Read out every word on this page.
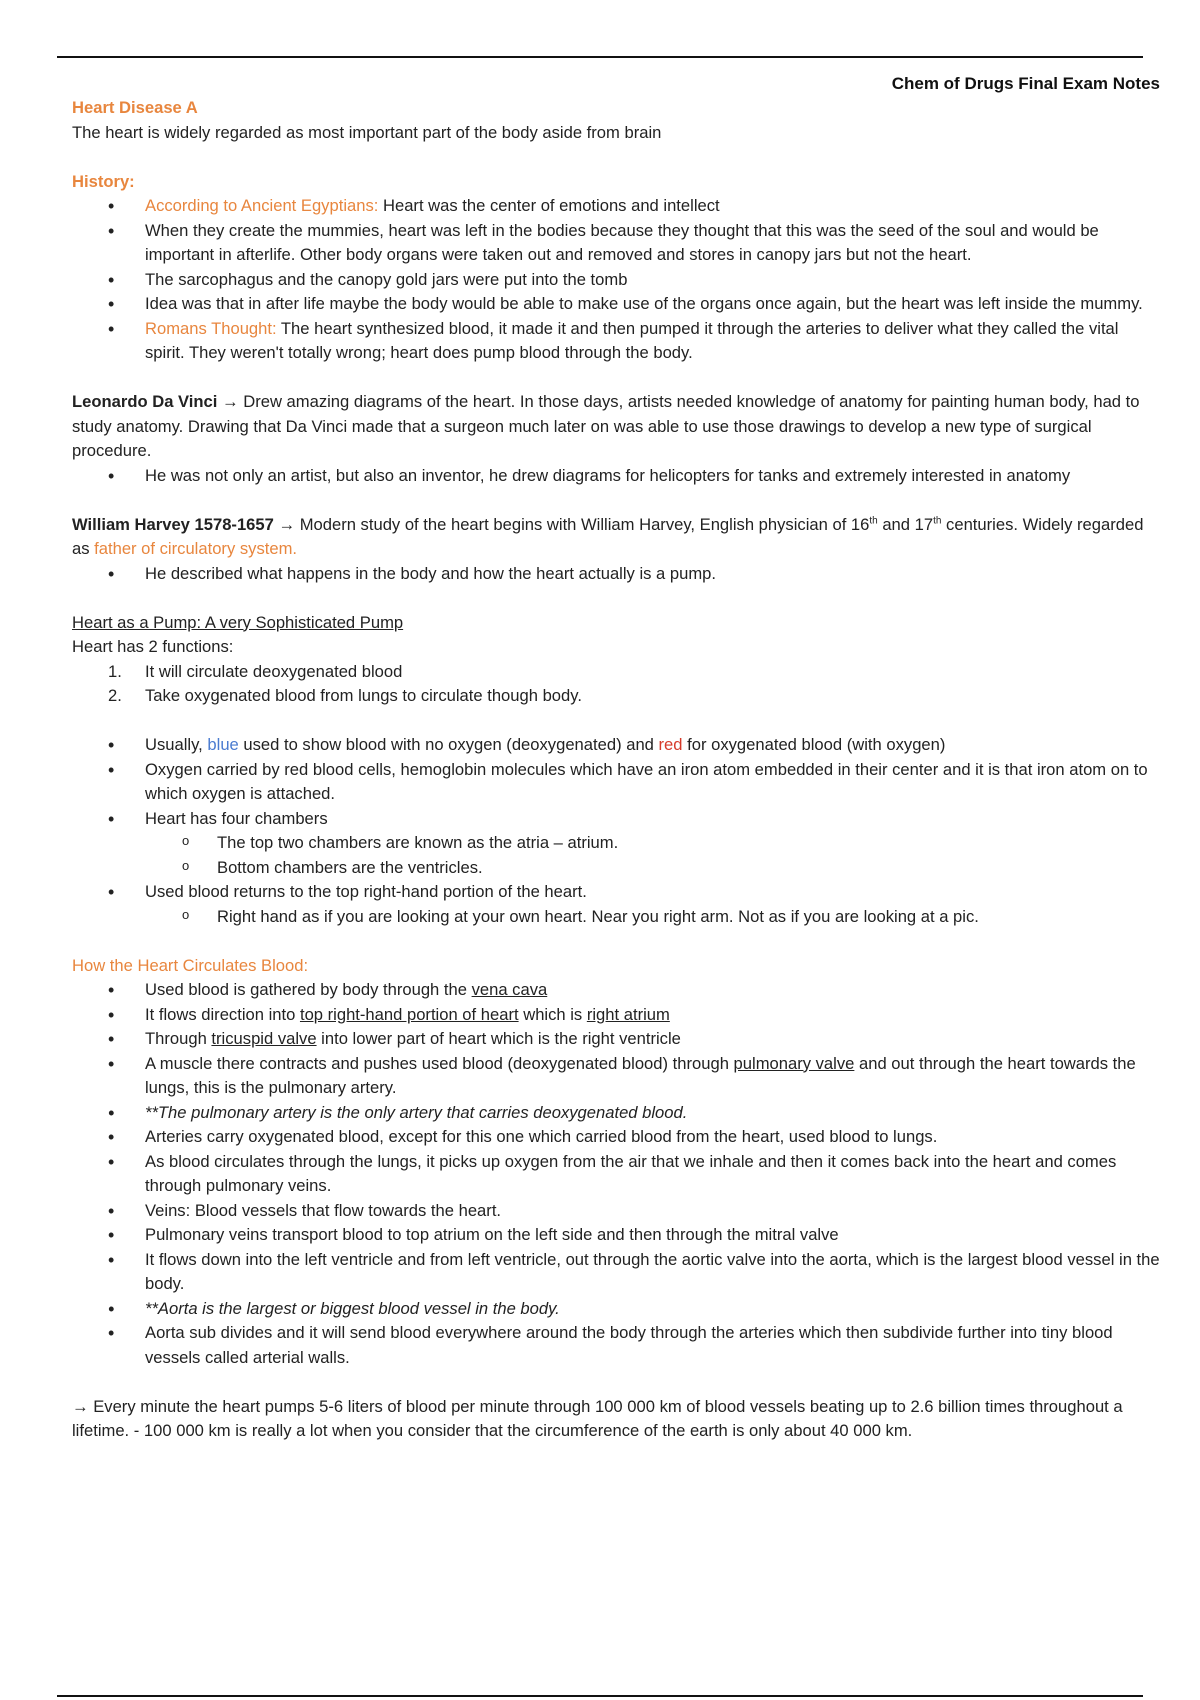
Chem of Drugs Final Exam Notes

Heart Disease A

The heart is widely regarded as most important part of the body aside from brain

History:

• According to Ancient Egyptians: Heart was the center of emotions and intellect
• When they create the mummies, heart was left in the bodies because they thought that this was the seed of the soul and would be important in afterlife. Other body organs were taken out and removed and stores in canopy jars but not the heart.
• The sarcophagus and the canopy gold jars were put into the tomb
• Idea was that in after life maybe the body would be able to make use of the organs once again, but the heart was left inside the mummy.
• Romans Thought: The heart synthesized blood, it made it and then pumped it through the arteries to deliver what they called the vital spirit. They weren't totally wrong; heart does pump blood through the body.

Leonardo Da Vinci → Drew amazing diagrams of the heart. In those days, artists needed knowledge of anatomy for painting human body, had to study anatomy. Drawing that Da Vinci made that a surgeon much later on was able to use those drawings to develop a new type of surgical procedure.

• He was not only an artist, but also an inventor, he drew diagrams for helicopters for tanks and extremely interested in anatomy

William Harvey 1578-1657 → Modern study of the heart begins with William Harvey, English physician of 16th and 17th centuries. Widely regarded as father of circulatory system.

• He described what happens in the body and how the heart actually is a pump.

Heart as a Pump: A very Sophisticated Pump

Heart has 2 functions:

1. It will circulate deoxygenated blood
2. Take oxygenated blood from lungs to circulate though body.
• Usually, blue used to show blood with no oxygen (deoxygenated) and red for oxygenated blood (with oxygen)
• Oxygen carried by red blood cells, hemoglobin molecules which have an iron atom embedded in their center and it is that iron atom on to which oxygen is attached.
• Heart has four chambers
o The top two chambers are known as the atria – atrium.
o Bottom chambers are the ventricles.
• Used blood returns to the top right-hand portion of the heart.
o Right hand as if you are looking at your own heart. Near you right arm. Not as if you are looking at a pic.

How the Heart Circulates Blood:

• Used blood is gathered by body through the vena cava
• It flows direction into top right-hand portion of heart which is right atrium
• Through tricuspid valve into lower part of heart which is the right ventricle
• A muscle there contracts and pushes used blood (deoxygenated blood) through pulmonary valve and out through the heart towards the lungs, this is the pulmonary artery.
• **The pulmonary artery is the only artery that carries deoxygenated blood.
• Arteries carry oxygenated blood, except for this one which carried blood from the heart, used blood to lungs.
• As blood circulates through the lungs, it picks up oxygen from the air that we inhale and then it comes back into the heart and comes through pulmonary veins.
• Veins: Blood vessels that flow towards the heart.
• Pulmonary veins transport blood to top atrium on the left side and then through the mitral valve
• It flows down into the left ventricle and from left ventricle, out through the aortic valve into the aorta, which is the largest blood vessel in the body.
• **Aorta is the largest or biggest blood vessel in the body.
• Aorta sub divides and it will send blood everywhere around the body through the arteries which then subdivide further into tiny blood vessels called arterial walls.

→ Every minute the heart pumps 5-6 liters of blood per minute through 100 000 km of blood vessels beating up to 2.6 billion times throughout a lifetime. - 100 000 km is really a lot when you consider that the circumference of the earth is only about 40 000 km.
